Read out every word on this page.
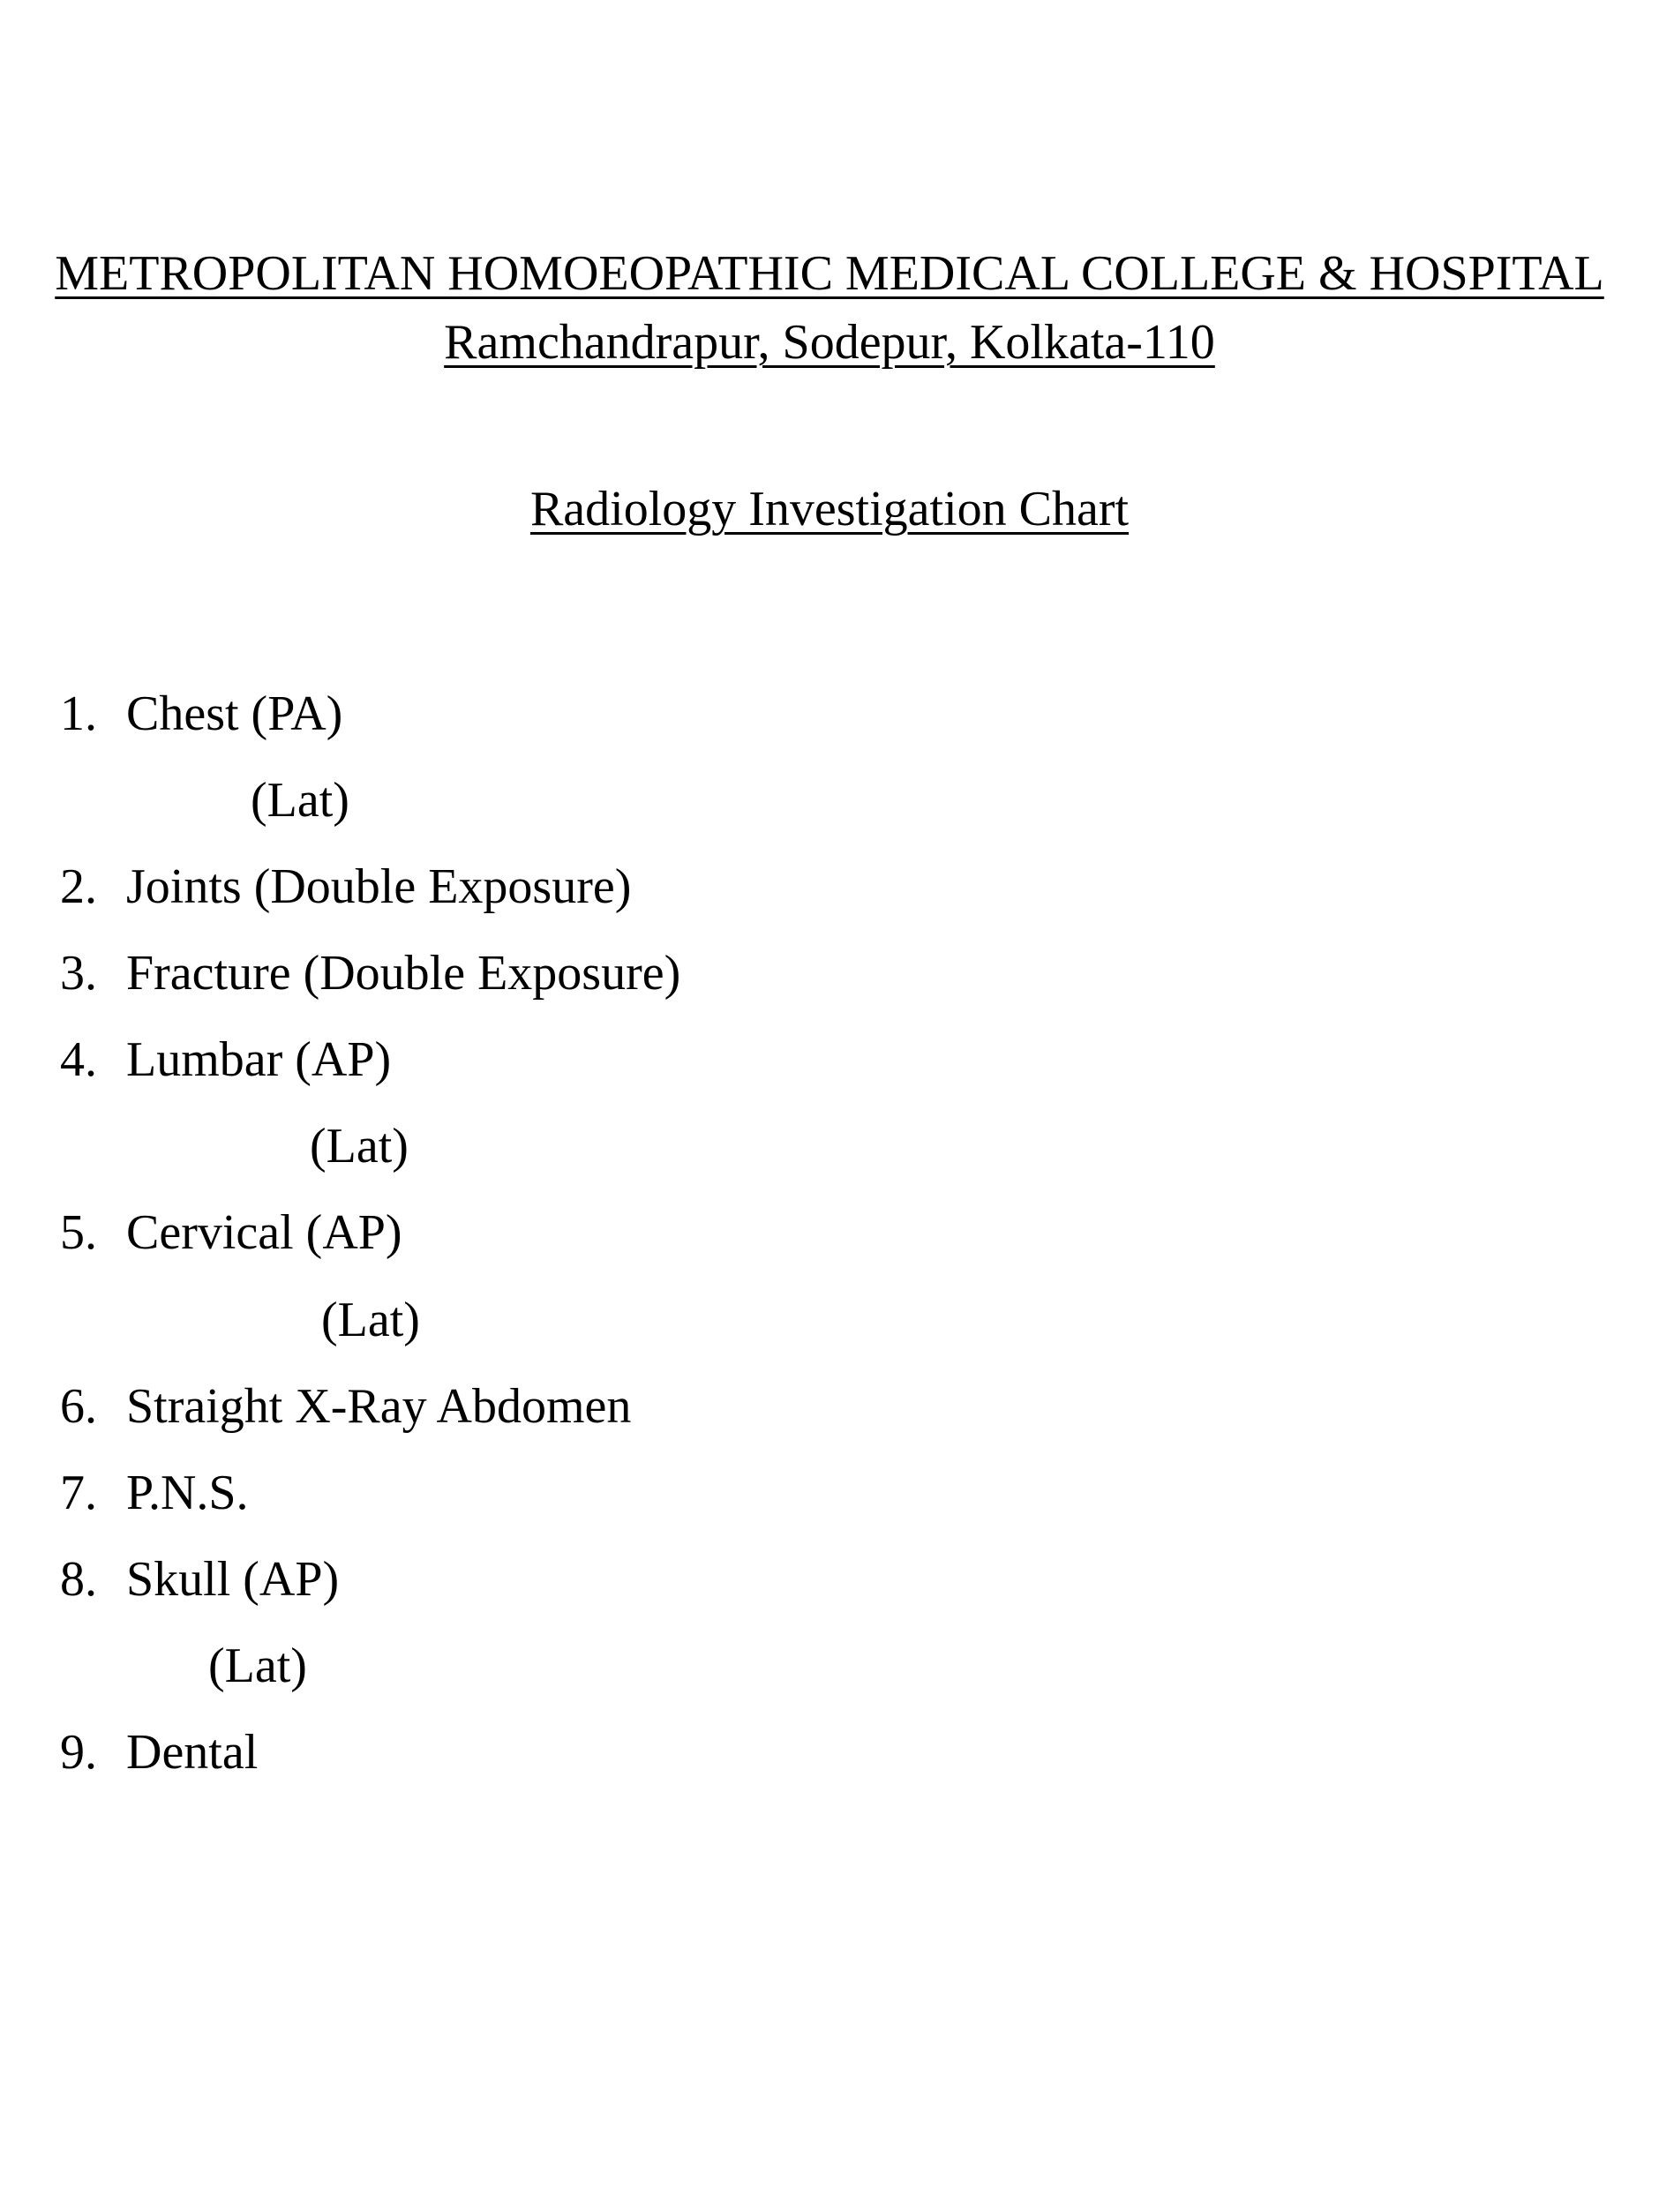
METROPOLITAN HOMOEOPATHIC MEDICAL COLLEGE & HOSPITAL
Ramchandrapur, Sodepur, Kolkata-110
Radiology Investigation Chart
1. Chest (PA)
(Lat)
2. Joints (Double Exposure)
3. Fracture (Double Exposure)
4. Lumbar (AP)
(Lat)
5. Cervical (AP)
(Lat)
6. Straight X-Ray Abdomen
7. P.N.S.
8. Skull (AP)
(Lat)
9. Dental
